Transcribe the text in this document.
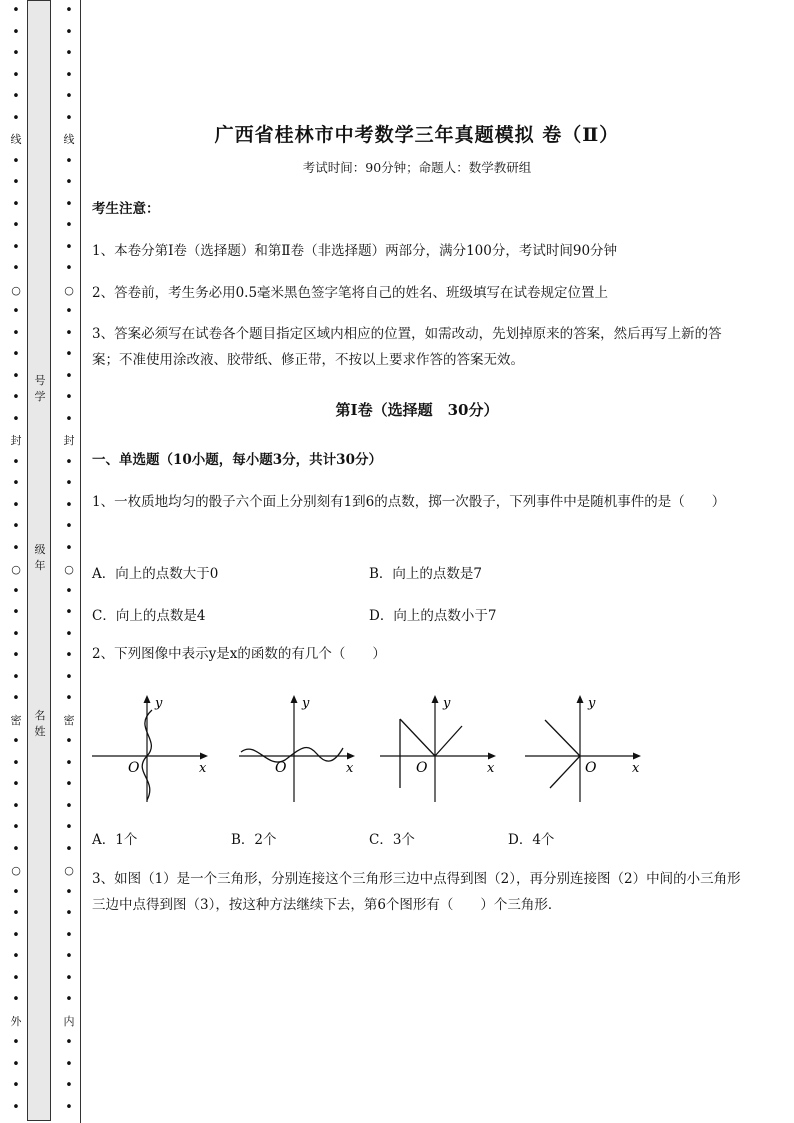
•
•
•
•
•
•
线
•
•
•
•
•
•
○
•
•
•
•
•
•
封
•
•
•
•
•
○
•
•
•
•
•
•
密
•
•
•
•
•
•
○
•
•
•
•
•
•
外
•
•
•
•
号 学
级 年
名 姓
•
•
•
•
•
•
线
•
•
•
•
•
•
○
•
•
•
•
•
•
封
•
•
•
•
•
○
•
•
•
•
•
•
密
•
•
•
•
•
•
○
•
•
•
•
•
•
内
•
•
•
•
广西省桂林市中考数学三年真题模拟 卷（Ⅱ）
考试时间：90分钟；命题人：数学教研组
考生注意：
1、本卷分第Ⅰ卷（选择题）和第Ⅱ卷（非选择题）两部分，满分100分，考试时间90分钟
2、答卷前，考生务必用0.5毫米黑色签字笔将自己的姓名、班级填写在试卷规定位置上
3、答案必须写在试卷各个题目指定区域内相应的位置，如需改动，先划掉原来的答案，然后再写上新的答案；不准使用涂改液、胶带纸、修正带，不按以上要求作答的答案无效。
第Ⅰ卷（选择题　30分）
一、单选题（10小题，每小题3分，共计30分）
1、一枚质地均匀的骰子六个面上分别刻有1到6的点数，掷一次骰子，下列事件中是随机事件的是（　　）
A．向上的点数大于0	B．向上的点数是7
C．向上的点数是4	D．向上的点数小于7
2、下列图像中表示y是x的函数的有几个（　　）
y
O	x
y
O	x
y
O	x
y
O	x
A．1个	B．2个	C．3个	D．4个
3、如图（1）是一个三角形，分别连接这个三角形三边中点得到图（2），再分别连接图（2）中间的小三角形三边中点得到图（3），按这种方法继续下去，第6个图形有（　　）个三角形．
